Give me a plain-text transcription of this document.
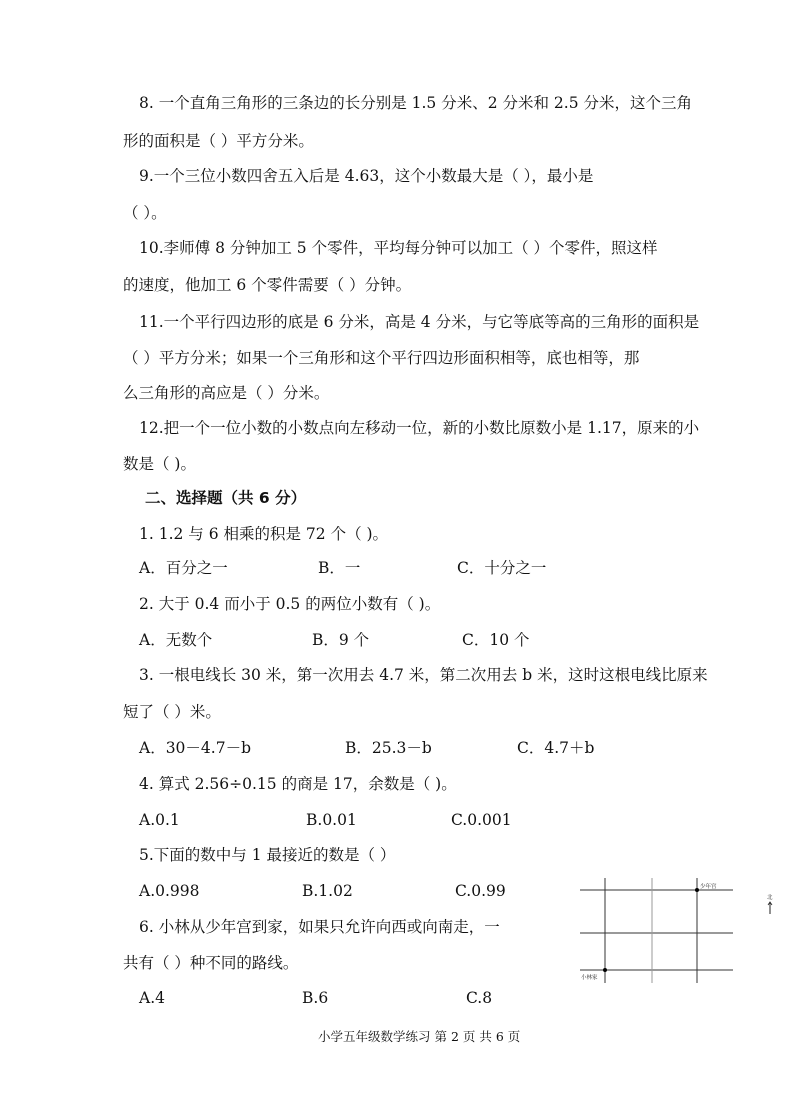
8. 一个直角三角形的三条边的长分别是 1.5 分米、2 分米和 2.5 分米，这个三角
形的面积是（ ）平方分米。
9.一个三位小数四舍五入后是 4.63，这个小数最大是（ ），最小是
（ ）。
10.李师傅 8 分钟加工 5 个零件，平均每分钟可以加工（ ）个零件，照这样
的速度，他加工 6 个零件需要（ ）分钟。
11.一个平行四边形的底是 6 分米，高是 4 分米，与它等底等高的三角形的面积是
（ ）平方分米；如果一个三角形和这个平行四边形面积相等，底也相等，那
么三角形的高应是（ ）分米。
12.把一个一位小数的小数点向左移动一位，新的小数比原数小是 1.17，原来的小
数是（ )。
二、选择题（共 6 分）
1. 1.2 与 6 相乘的积是 72 个（ )。
A．百分之一	B．一	C．十分之一
2. 大于 0.4 而小于 0.5 的两位小数有（ )。
A．无数个	B．9 个	C．10 个
3. 一根电线长 30 米，第一次用去 4.7 米，第二次用去 b 米，这时这根电线比原来
短了（ ）米。
A．30－4.7－b	B．25.3－b	C．4.7＋b
4. 算式 2.56÷0.15 的商是 17，余数是（ )。
A.0.1	B.0.01	C.0.001
5.下面的数中与 1 最接近的数是（ ）
A.0.998	B.1.02	C.0.99
6. 小林从少年宫到家，如果只允许向西或向南走，一
共有（ ）种不同的路线。
A.4	B.6	C.8
少年宫
小林家
北
小学五年级数学练习 第 2 页 共 6 页
